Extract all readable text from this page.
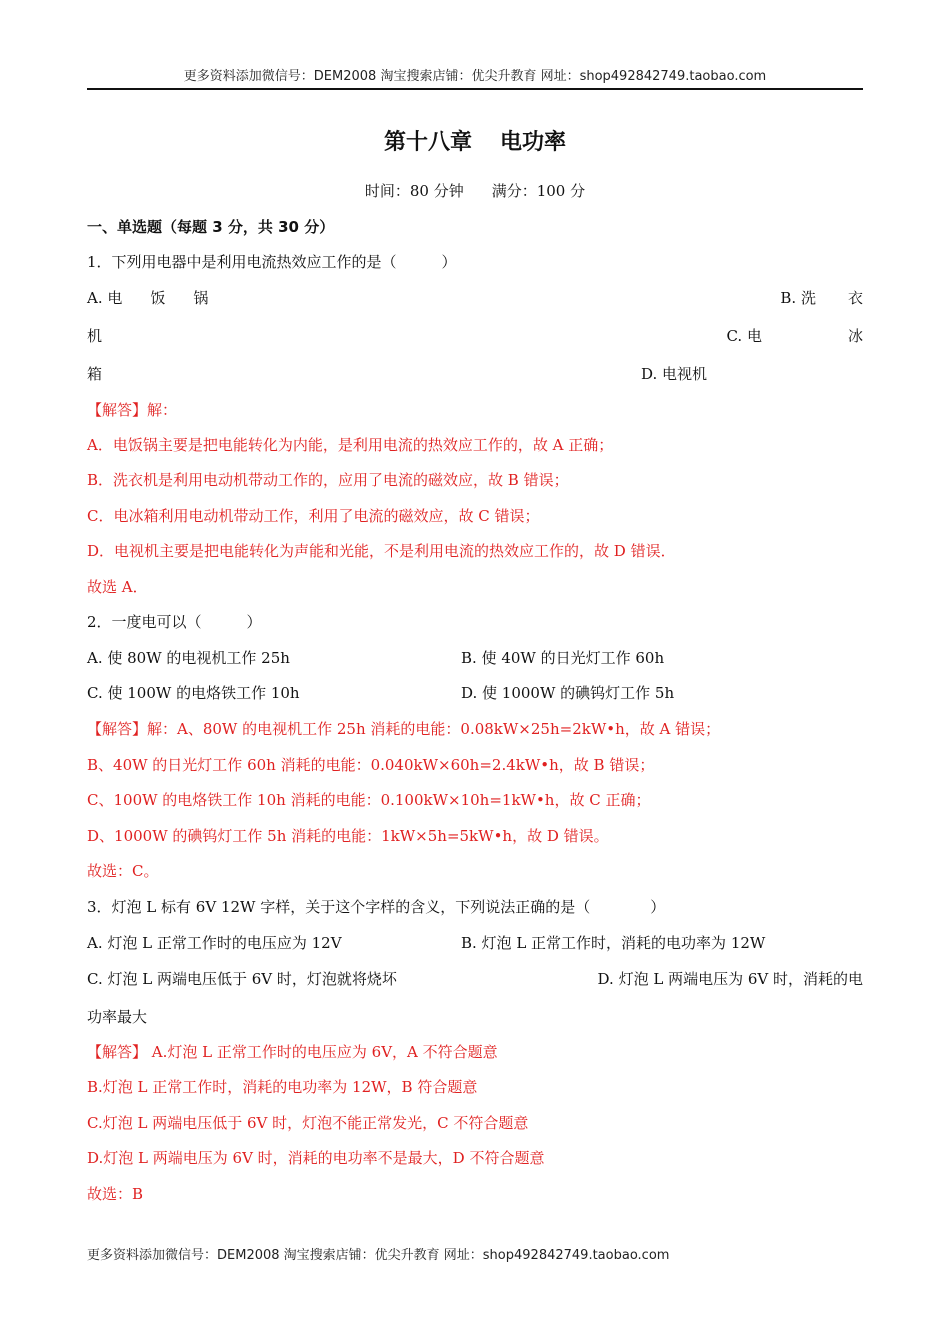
更多资料添加微信号：DEM2008 淘宝搜索店铺：优尖升教育 网址：shop492842749.taobao.com
第十八章 电功率
时间：80 分钟 满分：100 分
一、单选题（每题 3 分，共 30 分）
1．下列用电器中是利用电流热效应工作的是（　　　）
A. 电 饭 锅	B. 洗 衣
机	C. 电	冰
箱	D. 电视机
【解答】解：
A．电饭锅主要是把电能转化为内能，是利用电流的热效应工作的，故 A 正确；
B．洗衣机是利用电动机带动工作的，应用了电流的磁效应，故 B 错误；
C．电冰箱利用电动机带动工作，利用了电流的磁效应，故 C 错误；
D．电视机主要是把电能转化为声能和光能，不是利用电流的热效应工作的，故 D 错误．
故选 A．
2．一度电可以（　　　）
A. 使 80W 的电视机工作 25h	B. 使 40W 的日光灯工作 60h
C. 使 100W 的电烙铁工作 10h	D. 使 1000W 的碘钨灯工作 5h
【解答】解：A、80W 的电视机工作 25h 消耗的电能：0.08kW×25h=2kW•h，故 A 错误；
B、40W 的日光灯工作 60h 消耗的电能：0.040kW×60h=2.4kW•h，故 B 错误；
C、100W 的电烙铁工作 10h 消耗的电能：0.100kW×10h=1kW•h，故 C 正确；
D、1000W 的碘钨灯工作 5h 消耗的电能：1kW×5h=5kW•h，故 D 错误。
故选：C。
3．灯泡 L 标有 6V 12W 字样，关于这个字样的含义，下列说法正确的是（　　　　）
A. 灯泡 L 正常工作时的电压应为 12V	B. 灯泡 L 正常工作时，消耗的电功率为 12W
C. 灯泡 L 两端电压低于 6V 时，灯泡就将烧坏	D. 灯泡 L 两端电压为 6V 时，消耗的电
功率最大
【解答】 A.灯泡 L 正常工作时的电压应为 6V，A 不符合题意
B.灯泡 L 正常工作时，消耗的电功率为 12W，B 符合题意
C.灯泡 L 两端电压低于 6V 时，灯泡不能正常发光，C 不符合题意
D.灯泡 L 两端电压为 6V 时，消耗的电功率不是最大，D 不符合题意
故选：B
更多资料添加微信号：DEM2008 淘宝搜索店铺：优尖升教育 网址：shop492842749.taobao.com
